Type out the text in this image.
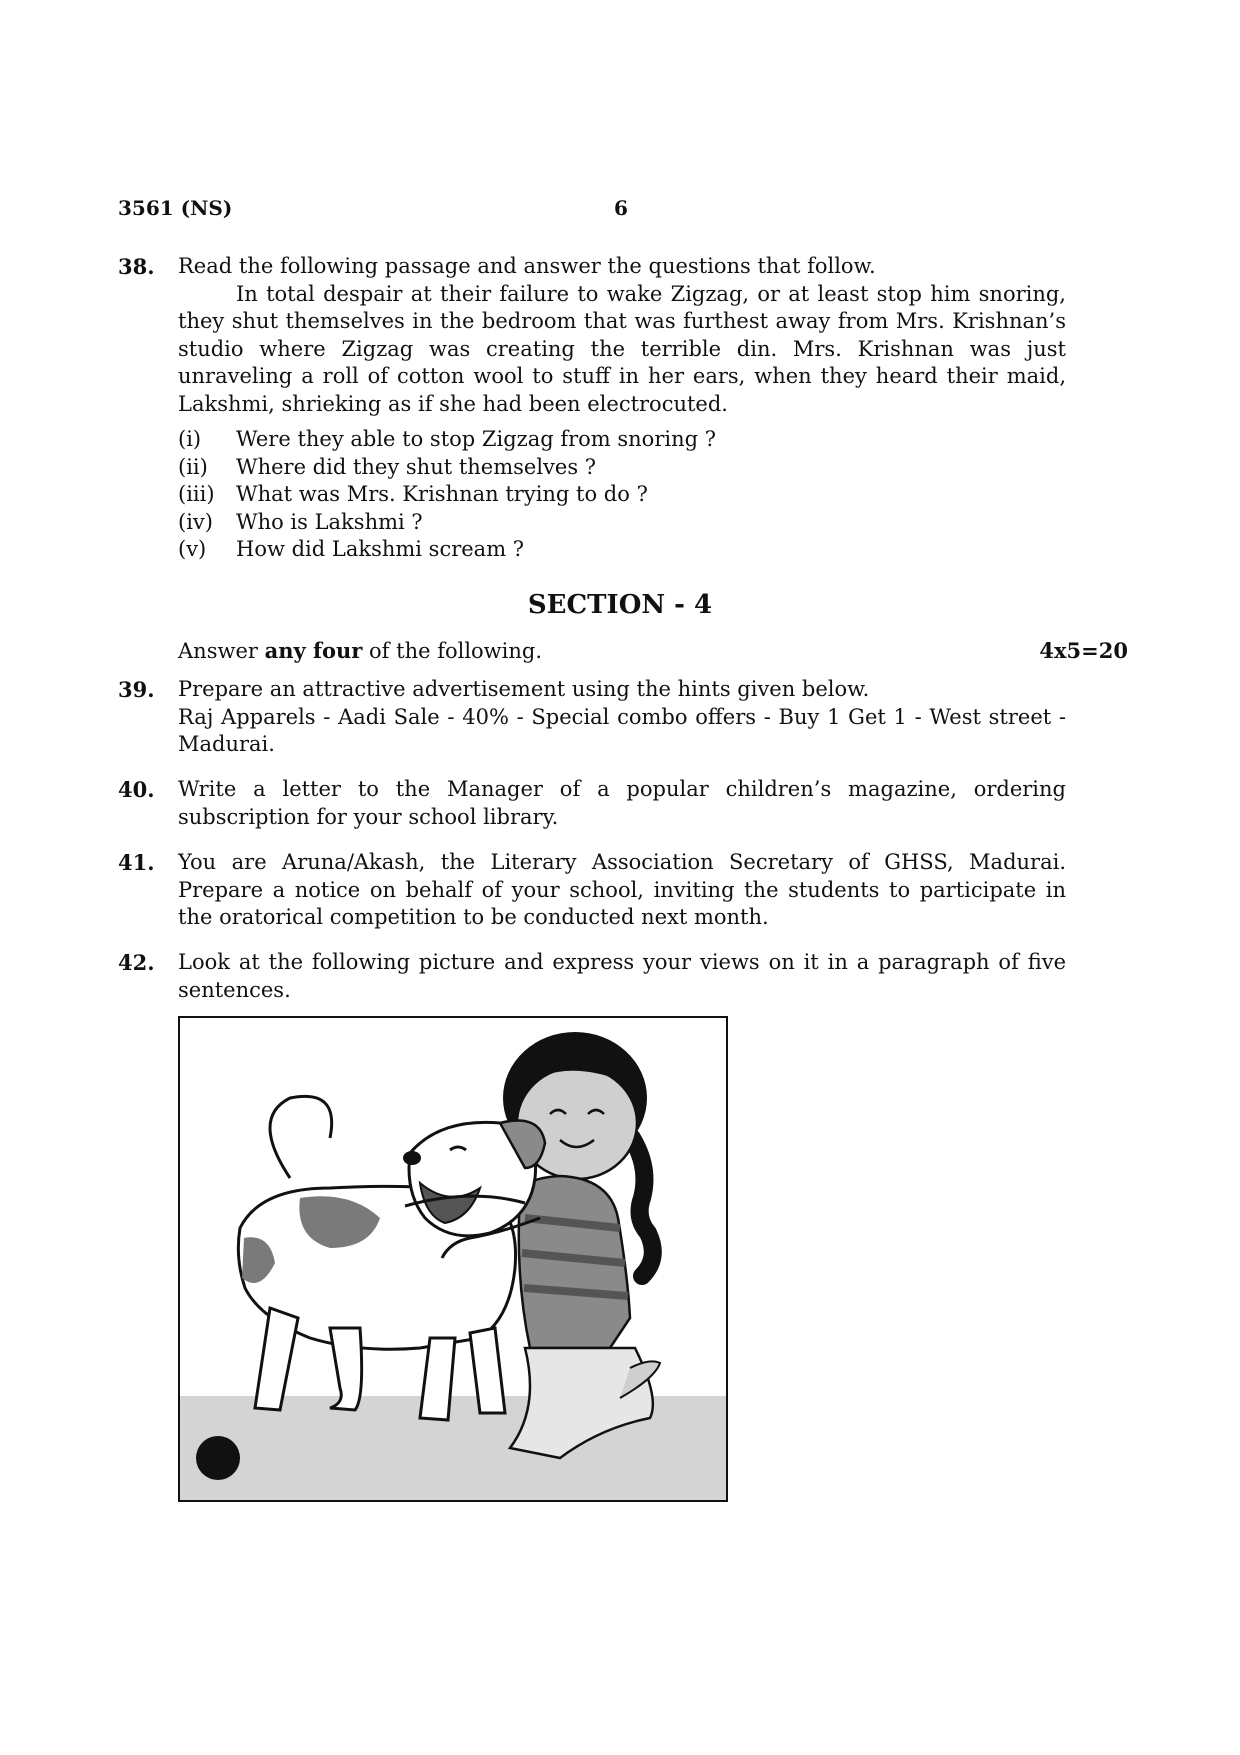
3561 (NS)	6
38. Read the following passage and answer the questions that follow.
In total despair at their failure to wake Zigzag, or at least stop him snoring, they shut themselves in the bedroom that was furthest away from Mrs. Krishnan’s studio where Zigzag was creating the terrible din. Mrs. Krishnan was just unraveling a roll of cotton wool to stuff in her ears, when they heard their maid, Lakshmi, shrieking as if she had been electrocuted.
(i) Were they able to stop Zigzag from snoring ?
(ii) Where did they shut themselves ?
(iii) What was Mrs. Krishnan trying to do ?
(iv) Who is Lakshmi ?
(v) How did Lakshmi scream ?
SECTION - 4
Answer any four of the following.	4x5=20
39. Prepare an attractive advertisement using the hints given below.
Raj Apparels - Aadi Sale - 40% - Special combo offers - Buy 1 Get 1 - West street - Madurai.
40. Write a letter to the Manager of a popular children’s magazine, ordering subscription for your school library.
41. You are Aruna/Akash, the Literary Association Secretary of GHSS, Madurai. Prepare a notice on behalf of your school, inviting the students to participate in the oratorical competition to be conducted next month.
42. Look at the following picture and express your views on it in a paragraph of five sentences.
